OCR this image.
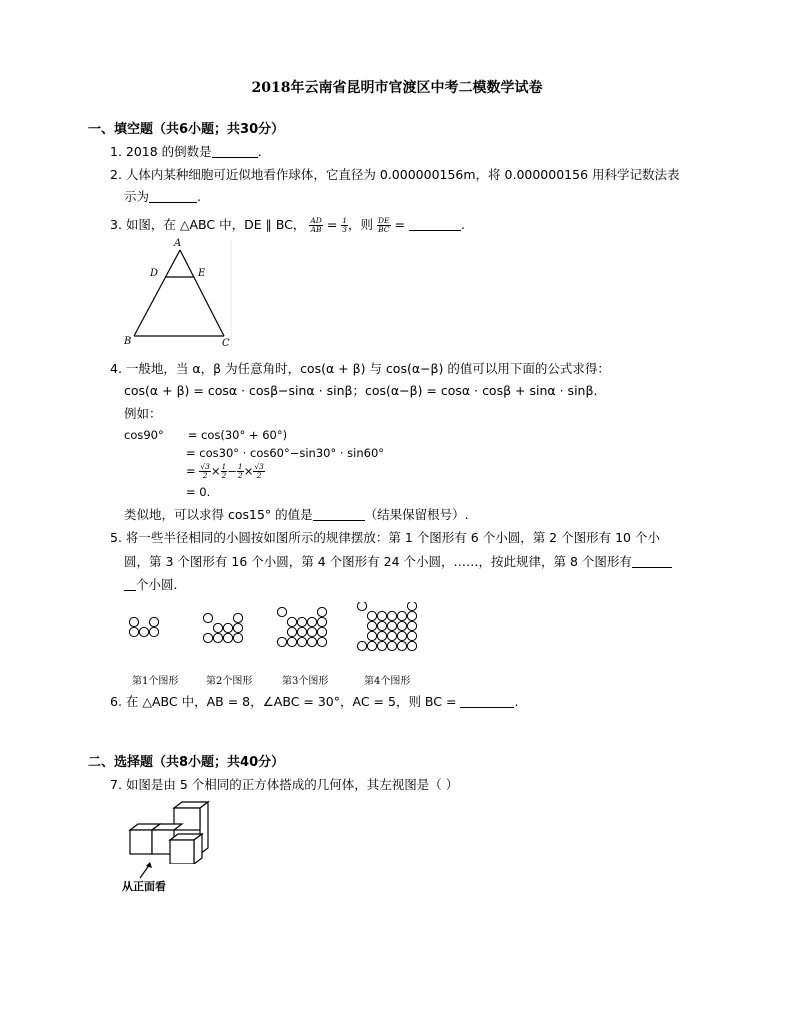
2018年云南省昆明市官渡区中考二模数学试卷
一、填空题（共6小题；共30分）
1. 2018 的倒数是	.
2. 人体内某种细胞可近似地看作球体，它直径为 0.000000156m，将 0.000000156 用科学记数法表
示为	.
3. 如图，在 △ABC 中，DE ∥ BC， $\frac{AD}{AB} = \frac{1}{3}$ ，则 $\frac{DE}{BC}$ =	.
A
D	E
B	C
4. 一般地，当 α，β 为任意角时，cos(α + β) 与 cos(α−β) 的值可以用下面的公式求得：
cos(α + β) = cosα · cosβ−sinα · sinβ；cos(α−β) = cosα · cosβ + sinα · sinβ.
例如：
cos90° = cos(30° + 60°)
= cos30° · cos60°−sin30° · sin60°
= $\frac{√3}{2} \times \frac{1}{2} - \frac{1}{2} \times \frac{√3}{2}$
= 0.
类似地，可以求得 cos15° 的值是	（结果保留根号）.
5. 将一些半径相同的小圆按如图所示的规律摆放：第 1 个图形有 6 个小圆，第 2 个图形有 10 个小
圆，第 3 个图形有 16 个小圆，第 4 个图形有 24 个小圆，……，按此规律，第 8 个图形有
个小圆.
第1个图形	第2个图形	第3个图形	第4个图形
6. 在 △ABC 中，AB = 8，∠ABC = 30°，AC = 5，则 BC =	.
二、选择题（共8小题；共40分）
7. 如图是由 5 个相同的正方体搭成的几何体，其左视图是（ ）
从正面看
